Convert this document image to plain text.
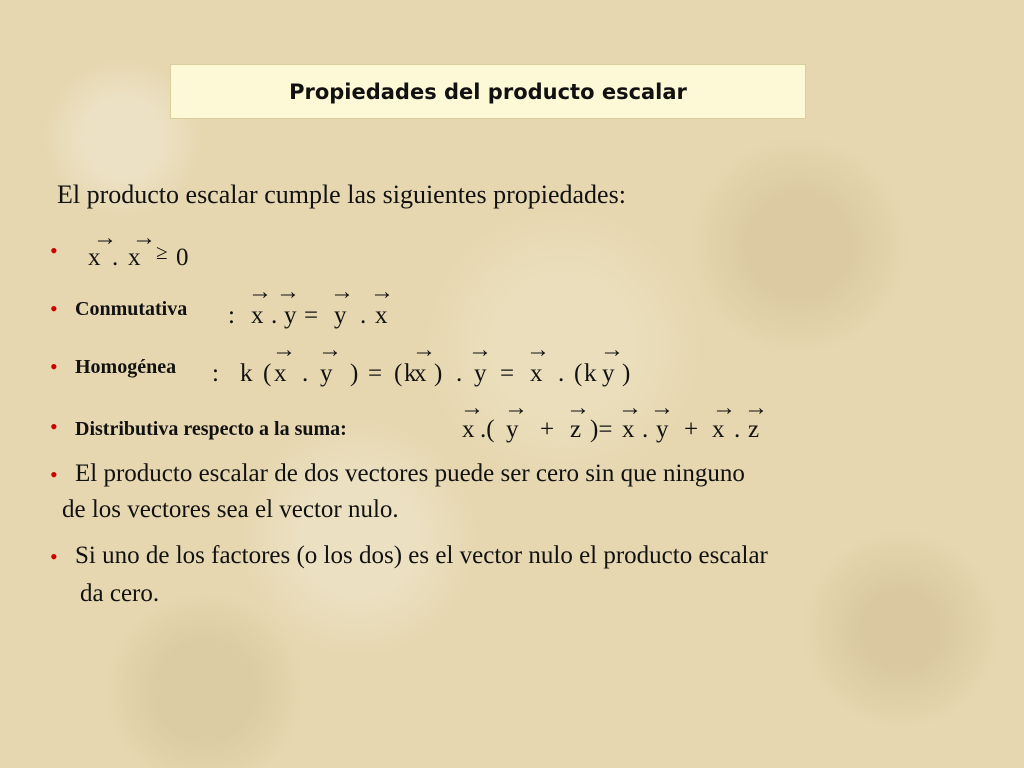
Propiedades del producto escalar
El producto escalar cumple las siguientes propiedades:
• → →
x . x ≥ 0
• Conmutativa
→ → → →
: x . y = y . x
• Homogénea
→ →	→ → → →
: k ( x . y ) = ( k
x ) . y = x . ( k y )
• Distributiva respecto a la suma:
→ → → → → → →
x .( y + z )= x . y + x . z
• El producto escalar de dos vectores puede ser cero sin que ninguno
de los vectores sea el vector nulo.
• Si uno de los factores (o los dos) es el vector nulo el producto escalar
da cero.
